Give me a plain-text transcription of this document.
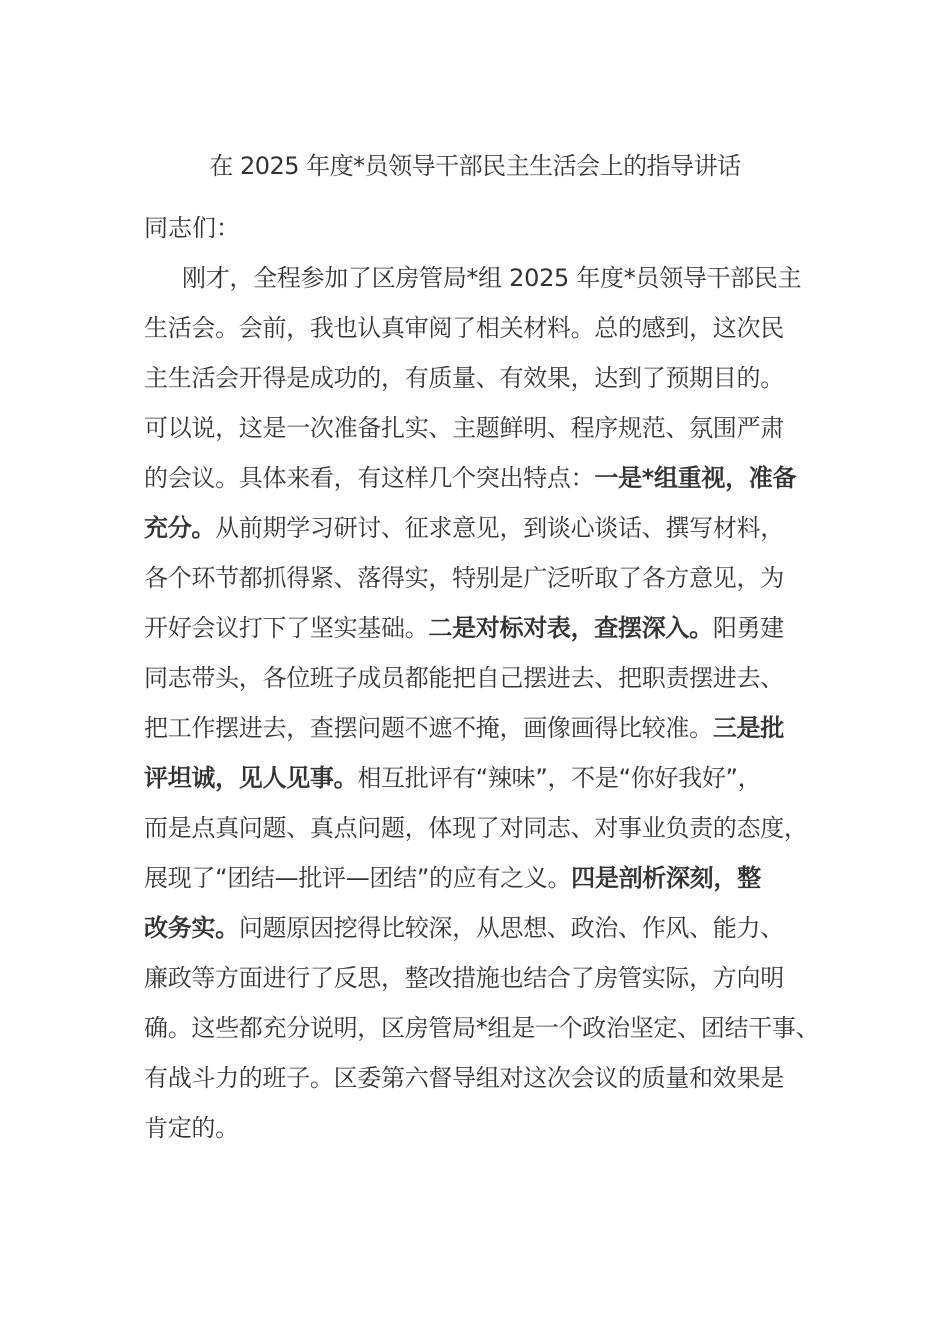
在 2025 年度*员领导干部民主生活会上的指导讲话
同志们：
刚才，全程参加了区房管局*组 2025 年度*员领导干部民主
生活会。会前，我也认真审阅了相关材料。总的感到，这次民
主生活会开得是成功的，有质量、有效果，达到了预期目的。
可以说，这是一次准备扎实、主题鲜明、程序规范、氛围严肃
的会议。具体来看，有这样几个突出特点：一是*组重视，准备
充分。从前期学习研讨、征求意见，到谈心谈话、撰写材料，
各个环节都抓得紧、落得实，特别是广泛听取了各方意见，为
开好会议打下了坚实基础。二是对标对表，查摆深入。阳勇建
同志带头，各位班子成员都能把自己摆进去、把职责摆进去、
把工作摆进去，查摆问题不遮不掩，画像画得比较准。三是批
评坦诚，见人见事。相互批评有“辣味”，不是“你好我好”，
而是点真问题、真点问题，体现了对同志、对事业负责的态度，
展现了“团结—批评—团结”的应有之义。四是剖析深刻，整
改务实。问题原因挖得比较深，从思想、政治、作风、能力、
廉政等方面进行了反思，整改措施也结合了房管实际，方向明
确。这些都充分说明，区房管局*组是一个政治坚定、团结干事、
有战斗力的班子。区委第六督导组对这次会议的质量和效果是
肯定的。
